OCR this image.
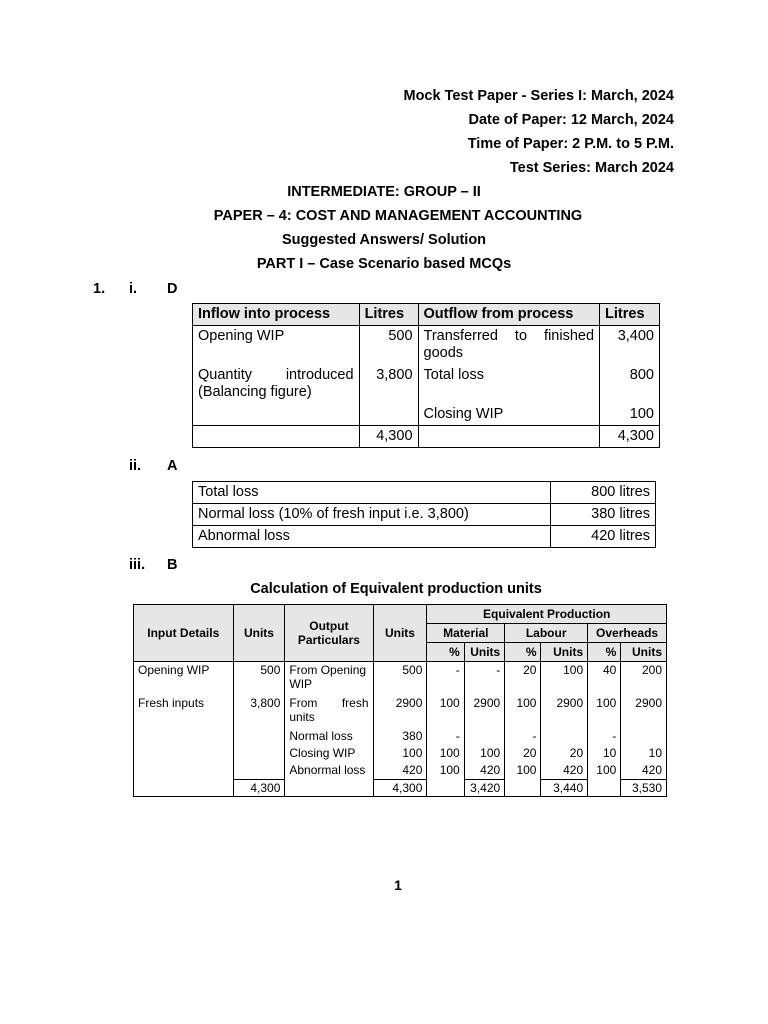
Mock Test Paper - Series I: March, 2024
Date of Paper: 12 March, 2024
Time of Paper: 2 P.M. to 5 P.M.
Test Series: March 2024
INTERMEDIATE: GROUP – II
PAPER – 4: COST AND MANAGEMENT ACCOUNTING
Suggested Answers/ Solution
PART I – Case Scenario based MCQs
1. i. D
Inflow into process	Litres	Outflow from process	Litres
Opening WIP	500	Transferred to finished goods	3,400
Quantity introduced (Balancing figure)	3,800	Total loss	800
		Closing WIP	100
	4,300		4,300
ii. A
Total loss	800 litres
Normal loss (10% of fresh input i.e. 3,800)	380 litres
Abnormal loss	420 litres
iii. B
Calculation of Equivalent production units
Input Details	Units	Output Particulars	Units	Equivalent Production					
				Material		Labour		Overheads	
				%	Units	%	Units	%	Units
Opening WIP	500	From Opening WIP	500	-	-	20	100	40	200
Fresh inputs	3,800	From fresh units	2900	100	2900	100	2900	100	2900
		Normal loss	380	-		-		-	
		Closing WIP	100	100	100	20	20	10	10
		Abnormal loss	420	100	420	100	420	100	420
	4,300		4,300		3,420		3,440		3,530
1
